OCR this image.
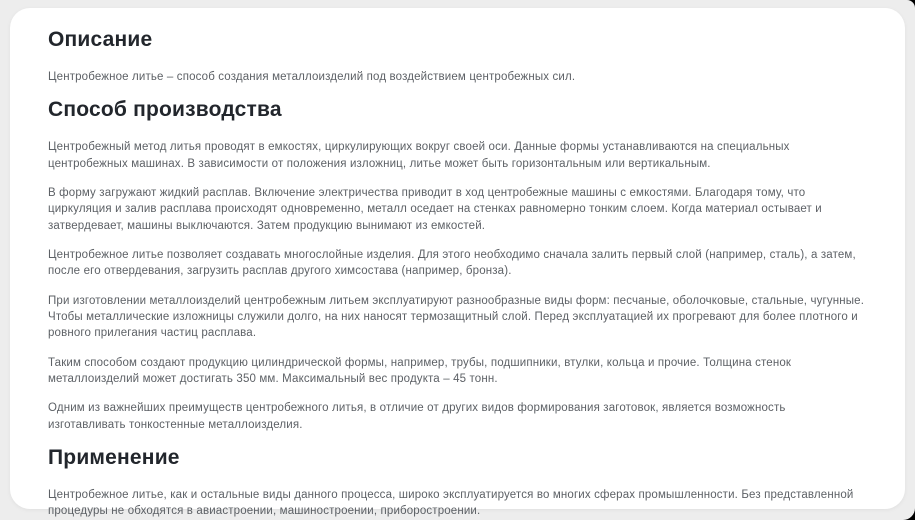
Описание

Центробежное литье – способ создания металлоизделий под воздействием центробежных сил.

Способ производства

Центробежный метод литья проводят в емкостях, циркулирующих вокруг своей оси. Данные формы устанавливаются на специальных центробежных машинах. В зависимости от положения изложниц, литье может быть горизонтальным или вертикальным.

В форму загружают жидкий расплав. Включение электричества приводит в ход центробежные машины с емкостями. Благодаря тому, что циркуляция и залив расплава происходят одновременно, металл оседает на стенках равномерно тонким слоем. Когда материал остывает и затвердевает, машины выключаются. Затем продукцию вынимают из емкостей.

Центробежное литье позволяет создавать многослойные изделия. Для этого необходимо сначала залить первый слой (например, сталь), а затем, после его отвердевания, загрузить расплав другого химсостава (например, бронза).

При изготовлении металлоизделий центробежным литьем эксплуатируют разнообразные виды форм: песчаные, оболочковые, стальные, чугунные. Чтобы металлические изложницы служили долго, на них наносят термозащитный слой. Перед эксплуатацией их прогревают для более плотного и ровного прилегания частиц расплава.

Таким способом создают продукцию цилиндрической формы, например, трубы, подшипники, втулки, кольца и прочие. Толщина стенок металлоизделий может достигать 350 мм. Максимальный вес продукта – 45 тонн.

Одним из важнейших преимуществ центробежного литья, в отличие от других видов формирования заготовок, является возможность изготавливать тонкостенные металлоизделия.

Применение

Центробежное литье, как и остальные виды данного процесса, широко эксплуатируется во многих сферах промышленности. Без представленной процедуры не обходятся в авиастроении, машиностроении, приборостроении.
